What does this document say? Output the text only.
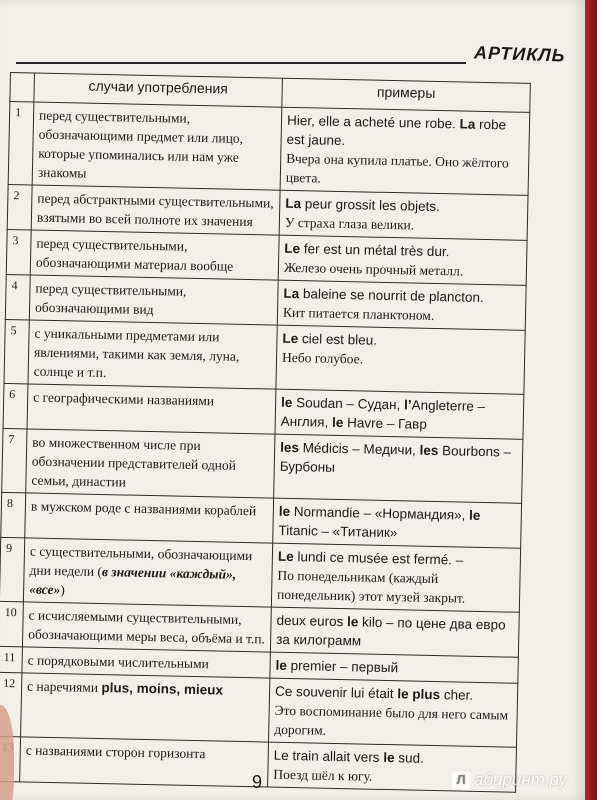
АРТИКЛЬ
	случаи употребления	примеры
1	перед существительными, обозначающими предмет или лицо, которые упоминались или нам уже знакомы	Hier, elle a acheté une robe. La robe est jaune.
Вчера она купила платье. Оно жёлтого цвета.

2	перед абстрактными существительными, взятыми во всей полноте их значения	La peur grossit les objets.
У страха глаза велики.

3	перед существительными, обозначающими материал вообще	Le fer est un métal très dur.
Железо очень прочный металл.

4	перед существительными, обозначающими вид	La baleine se nourrit de plancton.
Кит питается планктоном.

5	с уникальными предметами или явлениями, такими как земля, луна, солнце и т.п.	Le ciel est bleu.
Небо голубое.

6	с географическими названиями	le Soudan – Судан, l’Angleterre – Англия, le Havre – Гавр

7	во множественном числе при обозначении представителей одной семьи, династии	les Médicis – Медичи, les Bourbons – Бурбоны

8	в мужском роде с названиями кораблей	le Normandie – «Нормандия», le Titanic – «Титаник»

9	с существительными, обозначающими дни недели (в значении «каждый», «все»)	Le lundi ce musée est fermé. –
По понедельникам (каждый понедельник) этот музей закрыт.

10	с исчисляемыми существительными, обозначающими меры веса, объёма и т.п.	deux euros le kilo – по цене два евро за килограмм

11	с порядковыми числительными	le premier – первый

12	с наречиями plus, moins, mieux	Ce souvenir lui était le plus cher.
Это воспоминание было для него самым дорогим.

	с названиями сторон горизонта	Le train allait vers le sud.
Поезд шёл к югу.
9	Л абиринт.ру
